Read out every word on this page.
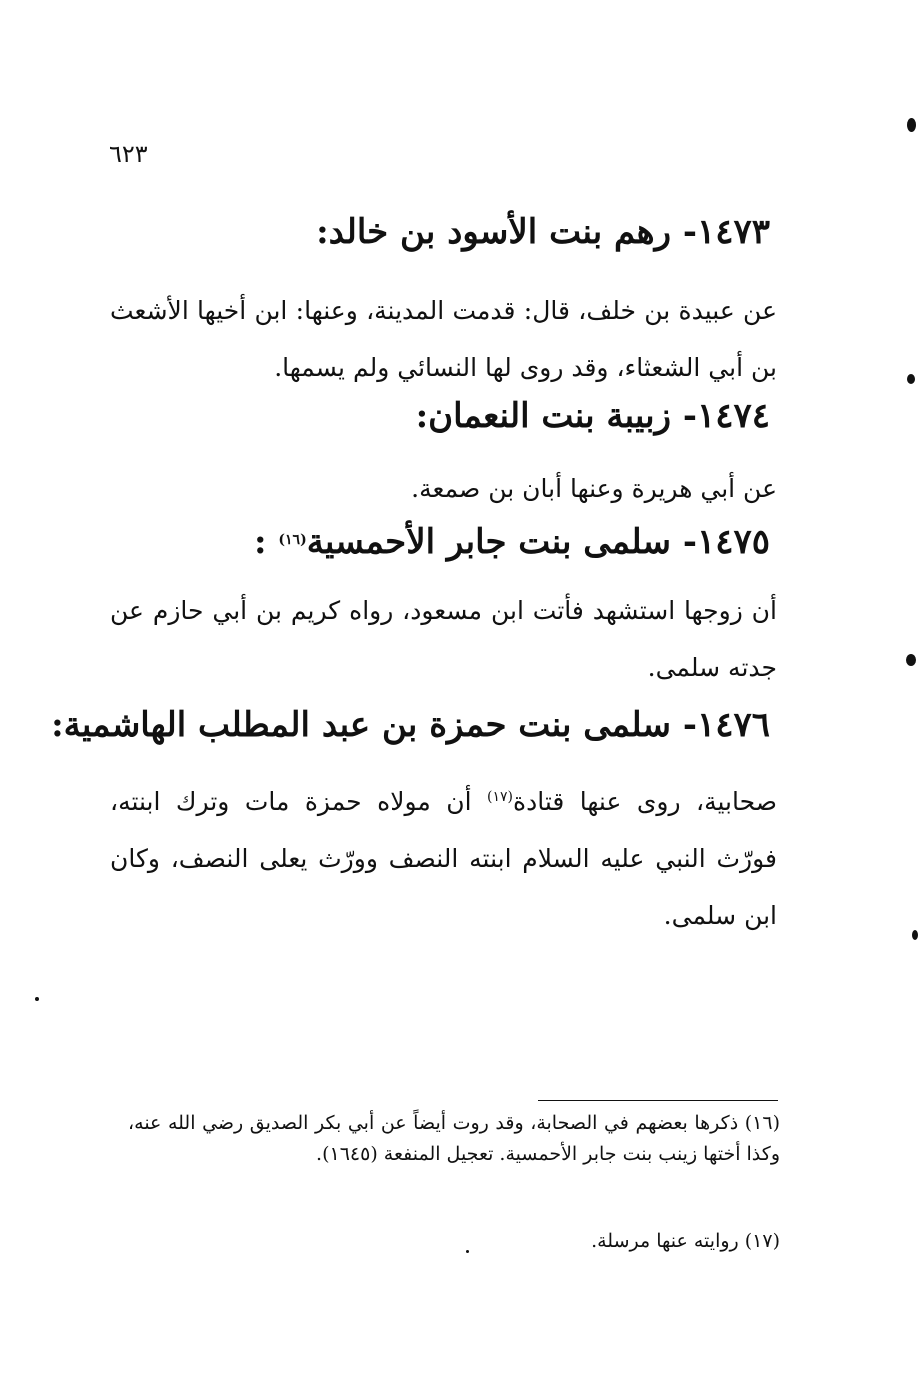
٦٢٣
١٤٧٣- رهم بنت الأسود بن خالد:
عن عبيدة بن خلف، قال: قدمت المدينة، وعنها: ابن أخيها الأشعث بن أبي الشعثاء، وقد روى لها النسائي ولم يسمها.
١٤٧٤- زبيبة بنت النعمان:
عن أبي هريرة وعنها أبان بن صمعة.
١٤٧٥- سلمى بنت جابر الأحمسية$^{(١٦)}$ :
أن زوجها استشهد فأتت ابن مسعود، رواه كريم بن أبي حازم عن جدته سلمى.
١٤٧٦- سلمى بنت حمزة بن عبد المطلب الهاشمية:
صحابية، روى عنها قتادة$^{(١٧)}$ أن مولاه حمزة مات وترك ابنته، فورّث النبي عليه السلام ابنته النصف وورّث يعلى النصف، وكان ابن سلمى.
(١٦) ذكرها بعضهم في الصحابة، وقد روت أيضاً عن أبي بكر الصديق رضي الله عنه، وكذا أختها زينب بنت جابر الأحمسية. تعجيل المنفعة (١٦٤٥).
(١٧) روايته عنها مرسلة.
